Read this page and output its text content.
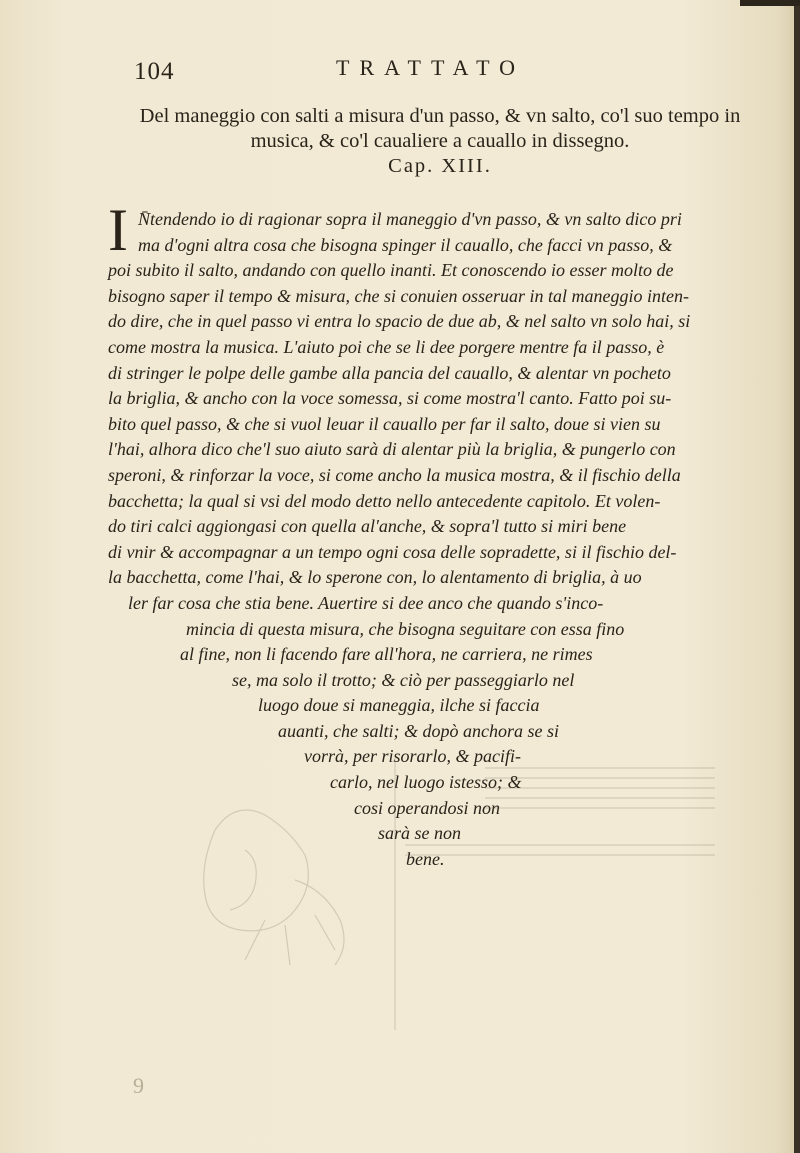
104	TRATTATO
Del maneggio con salti a misura d'un passo, & vn salto, co'l suo tempo in
musica, & co'l caualiere a cauallo in dissegno.
Cap. XIII.
I N̄tendendo io di ragionar sopra il maneggio d'vn passo, & vn salto dico pri
ma d'ogni altra cosa che bisogna spinger il cauallo, che facci vn passo, &
poi subito il salto, andando con quello inanti. Et conoscendo io esser molto de
bisogno saper il tempo & misura, che si conuien osseruar in tal maneggio inten-
do dire, che in quel passo vi entra lo spacio de due ab, & nel salto vn solo hai, si
come mostra la musica. L'aiuto poi che se li dee porgere mentre fa il passo, è
di stringer le polpe delle gambe alla pancia del cauallo, & alentar vn pocheto
la briglia, & ancho con la voce somessa, si come mostra'l canto. Fatto poi su-
bito quel passo, & che si vuol leuar il cauallo per far il salto, doue si vien su
l'hai, alhora dico che'l suo aiuto sarà di alentar più la briglia, & pungerlo con
speroni, & rinforzar la voce, si come ancho la musica mostra, & il fischio della
bacchetta; la qual si vsi del modo detto nello antecedente capitolo. Et volen-
do tiri calci aggiongasi con quella al'anche, & sopra'l tutto si miri bene
di vnir & accompagnar a un tempo ogni cosa delle sopradette, si il fischio del-
la bacchetta, come l'hai, & lo sperone con, lo alentamento di briglia, à uo
ler far cosa che stia bene. Auertire si dee anco che quando s'inco-
mincia di questa misura, che bisogna seguitare con essa fino
al fine, non li facendo fare all'hora, ne carriera, ne rimes
se, ma solo il trotto; & ciò per passeggiarlo nel
luogo doue si maneggia, ilche si faccia
auanti, che salti; & dopò anchora se si
vorrà, per risorarlo, & pacifi-
carlo, nel luogo istesso; &
cosi operandosi non
sarà se non
bene.
9
